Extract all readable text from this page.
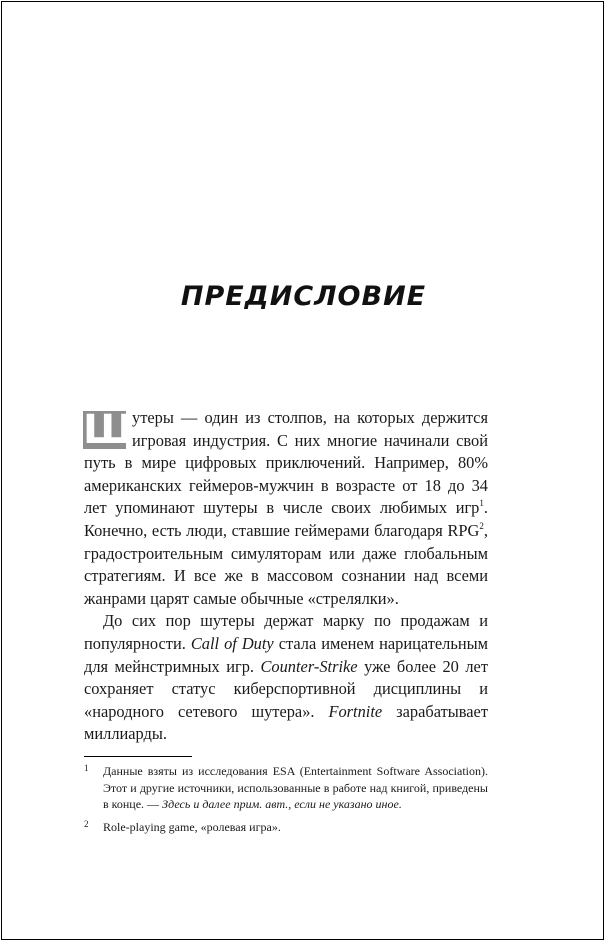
ПРЕДИСЛОВИЕ

Ш утеры — один из столпов, на которых держится игровая индустрия. С них многие начинали свой путь в мире цифровых приключений. Например, 80% американских геймеров-мужчин в возрасте от 18 до 34 лет упоминают шутеры в числе своих любимых игр$^1$. Конечно, есть люди, ставшие геймерами благодаря RPG$^2$, градостроительным симуляторам или даже глобальным стратегиям. И все же в массовом сознании над всеми жанрами царят самые обычные «стрелялки».

До сих пор шутеры держат марку по продажам и популярности. Call of Duty стала именем нарицательным для мейнстримных игр. Counter-Strike уже более 20 лет сохраняет статус киберспортивной дисциплины и «народного сетевого шутера». Fortnite зарабатывает миллиарды.

1 Данные взяты из исследования ESA (Entertainment Software Association). Этот и другие источники, использованные в работе над книгой, приведены в конце. — Здесь и далее прим. авт., если не указано иное.

2 Role-playing game, «ролевая игра».
